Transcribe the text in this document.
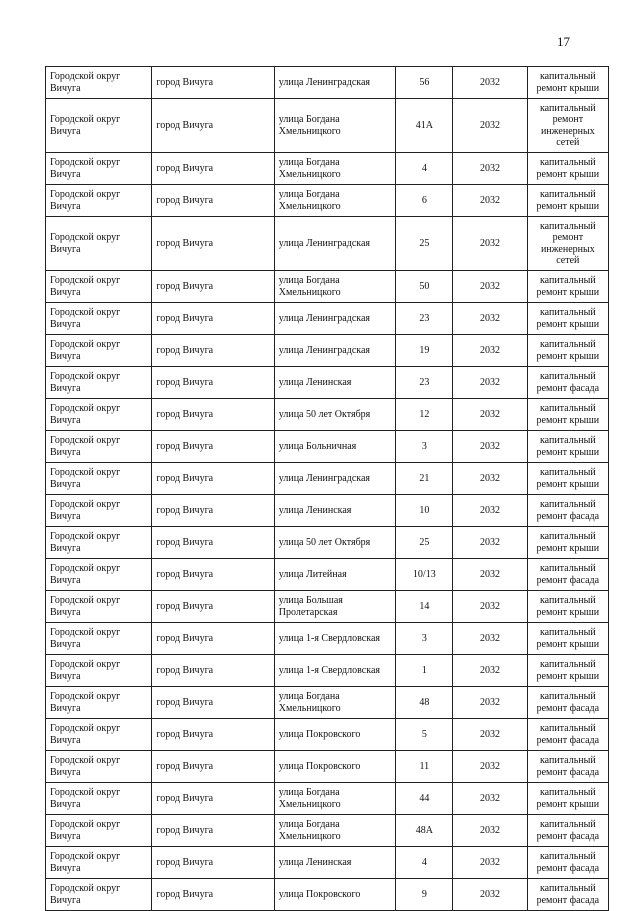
17
Городской округ Вичуга	город Вичуга	улица Ленинградская	56	2032	капитальный ремонт крыши

Городской округ Вичуга	город Вичуга	улица Богдана Хмельницкого	41А	2032	капитальный ремонт инженерных сетей

Городской округ Вичуга	город Вичуга	улица Богдана Хмельницкого	4	2032	капитальный ремонт крыши

Городской округ Вичуга	город Вичуга	улица Богдана Хмельницкого	6	2032	капитальный ремонт крыши

Городской округ Вичуга	город Вичуга	улица Ленинградская	25	2032	капитальный ремонт инженерных сетей

Городской округ Вичуга	город Вичуга	улица Богдана Хмельницкого	50	2032	капитальный ремонт крыши

Городской округ Вичуга	город Вичуга	улица Ленинградская	23	2032	капитальный ремонт крыши

Городской округ Вичуга	город Вичуга	улица Ленинградская	19	2032	капитальный ремонт крыши

Городской округ Вичуга	город Вичуга	улица Ленинская	23	2032	капитальный ремонт фасада

Городской округ Вичуга	город Вичуга	улица 50 лет Октября	12	2032	капитальный ремонт крыши

Городской округ Вичуга	город Вичуга	улица Больничная	3	2032	капитальный ремонт крыши

Городской округ Вичуга	город Вичуга	улица Ленинградская	21	2032	капитальный ремонт крыши

Городской округ Вичуга	город Вичуга	улица Ленинская	10	2032	капитальный ремонт фасада

Городской округ Вичуга	город Вичуга	улица 50 лет Октября	25	2032	капитальный ремонт крыши

Городской округ Вичуга	город Вичуга	улица Литейная	10/13	2032	капитальный ремонт фасада

Городской округ Вичуга	город Вичуга	улица Большая Пролетарская	14	2032	капитальный ремонт крыши

Городской округ Вичуга	город Вичуга	улица 1-я Свердловская	3	2032	капитальный ремонт крыши

Городской округ Вичуга	город Вичуга	улица 1-я Свердловская	1	2032	капитальный ремонт крыши

Городской округ Вичуга	город Вичуга	улица Богдана Хмельницкого	48	2032	капитальный ремонт фасада

Городской округ Вичуга	город Вичуга	улица Покровского	5	2032	капитальный ремонт фасада

Городской округ Вичуга	город Вичуга	улица Покровского	11	2032	капитальный ремонт фасада

Городской округ Вичуга	город Вичуга	улица Богдана Хмельницкого	44	2032	капитальный ремонт крыши

Городской округ Вичуга	город Вичуга	улица Богдана Хмельницкого	48А	2032	капитальный ремонт фасада

Городской округ Вичуга	город Вичуга	улица Ленинская	4	2032	капитальный ремонт фасада

Городской округ Вичуга	город Вичуга	улица Покровского	9	2032	капитальный ремонт фасада
